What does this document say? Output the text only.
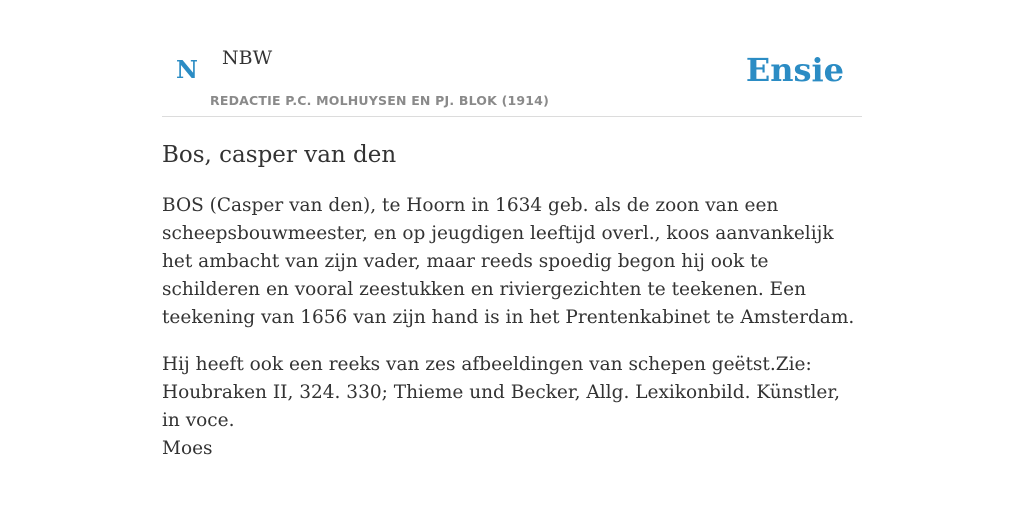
N NBW
REDACTIE P.C. MOLHUYSEN EN PJ. BLOK (1914)
Ensie
Bos, casper van den

BOS (Casper van den), te Hoorn in 1634 geb. als de zoon van een scheepsbouwmeester, en op jeugdigen leeftijd overl., koos aanvankelijk het ambacht van zijn vader, maar reeds spoedig begon hij ook te schilderen en vooral zeestukken en riviergezichten te teekenen. Een teekening van 1656 van zijn hand is in het Prentenkabinet te Amsterdam.

Hij heeft ook een reeks van zes afbeeldingen van schepen geëtst.Zie: Houbraken II, 324. 330; Thieme und Becker, Allg. Lexikonbild. Künstler, in voce.

Moes
